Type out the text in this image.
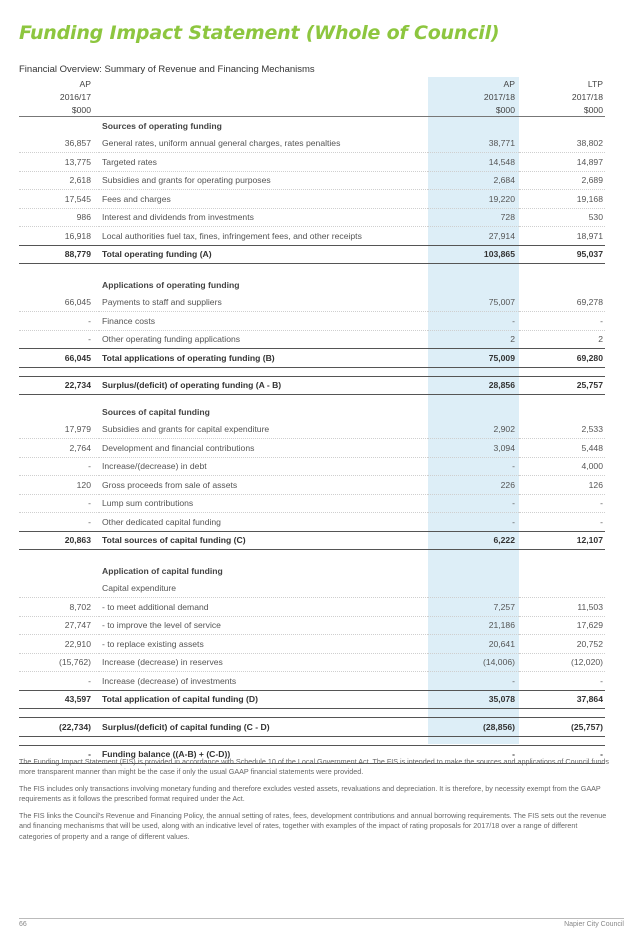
Funding Impact Statement (Whole of Council)
Financial Overview: Summary of Revenue and Financing Mechanisms
AP		AP	LTP
2016/17		2017/18	2017/18
$000		$000	$000
	Sources of operating funding		
36,857	General rates, uniform annual general charges, rates penalties	38,771	38,802
13,775	Targeted rates	14,548	14,897
2,618	Subsidies and grants for operating purposes	2,684	2,689
17,545	Fees and charges	19,220	19,168
986	Interest and dividends from investments	728	530
16,918	Local authorities fuel tax, fines, infringement fees, and other receipts	27,914	18,971
88,779	Total operating funding (A)	103,865	95,037

	Applications of operating funding		
66,045	Payments to staff and suppliers	75,007	69,278
-	Finance costs	-	-
-	Other operating funding applications	2	2
66,045	Total applications of operating funding (B)	75,009	69,280

22,734	Surplus/(deficit) of operating funding (A - B)	28,856	25,757

	Sources of capital funding		
17,979	Subsidies and grants for capital expenditure	2,902	2,533
2,764	Development and financial contributions	3,094	5,448
-	Increase/(decrease) in debt	-	4,000
120	Gross proceeds from sale of assets	226	126
-	Lump sum contributions	-	-
-	Other dedicated capital funding	-	-
20,863	Total sources of capital funding (C)	6,222	12,107

	Application of capital funding		
	Capital expenditure		
8,702	- to meet additional demand	7,257	11,503
27,747	- to improve the level of service	21,186	17,629
22,910	- to replace existing assets	20,641	20,752
(15,762)	Increase (decrease) in reserves	(14,006)	(12,020)
-	Increase (decrease) of investments	-	-
43,597	Total application of capital funding (D)	35,078	37,864

(22,734)	Surplus/(deficit) of capital funding (C - D)	(28,856)	(25,757)

-	Funding balance ((A-B) + (C-D))	-	-

The Funding Impact Statement (FIS) is provided in accordance with Schedule 10 of the Local Government Act. The FIS is intended to make the sources and applications of Council funds more transparent manner than might be the case if only the usual GAAP financial statements were provided.

The FIS includes only transactions involving monetary funding and therefore excludes vested assets, revaluations and depreciation. It is therefore, by necessity exempt from the GAAP requirements as it follows the prescribed format required under the Act.

The FIS links the Council's Revenue and Financing Policy, the annual setting of rates, fees, development contributions and annual borrowing requirements. The FIS sets out the revenue and financing mechanisms that will be used, along with an indicative level of rates, together with examples of the impact of rating proposals for 2017/18 over a range of different categories of property and a range of different values.

66	Napier City Council
